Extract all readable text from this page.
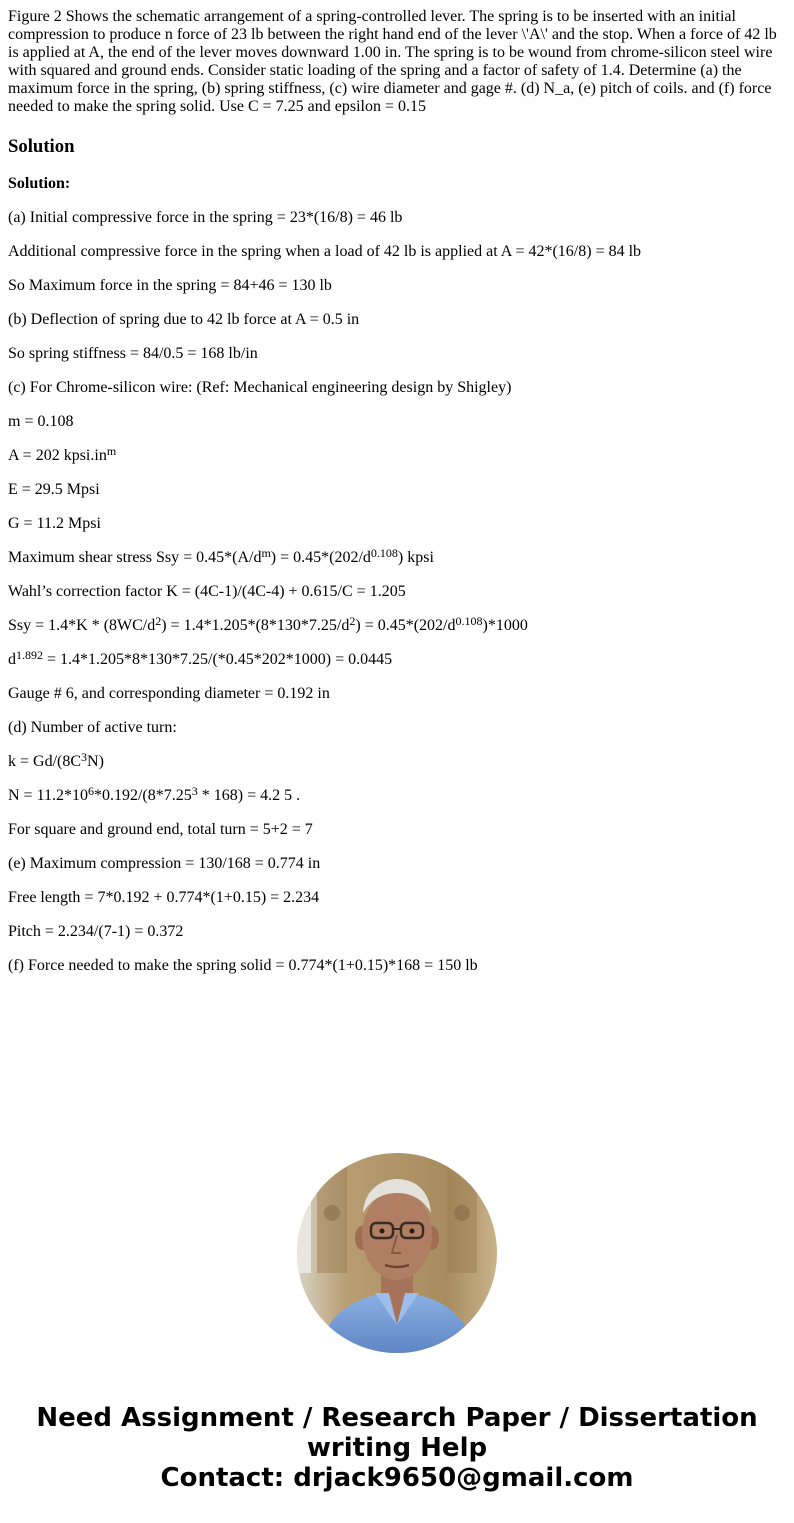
Figure 2 Shows the schematic arrangement of a spring-controlled lever. The spring is to be inserted with an initial compression to produce n force of 23 lb between the right hand end of the lever \'A\' and the stop. When a force of 42 lb is applied at A, the end of the lever moves downward 1.00 in. The spring is to be wound from chrome-silicon steel wire with squared and ground ends. Consider static loading of the spring and a factor of safety of 1.4. Determine (a) the maximum force in the spring, (b) spring stiffness, (c) wire diameter and gage #. (d) N_a, (e) pitch of coils. and (f) force needed to make the spring solid. Use C = 7.25 and epsilon = 0.15

Solution

Solution:

(a) Initial compressive force in the spring = 23*(16/8) = 46 lb

Additional compressive force in the spring when a load of 42 lb is applied at A = 42*(16/8) = 84 lb

So Maximum force in the spring = 84+46 = 130 lb

(b) Deflection of spring due to 42 lb force at A = 0.5 in

So spring stiffness = 84/0.5 = 168 lb/in

(c) For Chrome-silicon wire: (Ref: Mechanical engineering design by Shigley)

m = 0.108

A = 202 $kpsi.in^m$

E = 29.5 Mpsi

G = 11.2 Mpsi

Maximum shear stress Ssy = $0.45*(A/d^m) = 0.45*(202/d^{0.108})$ kpsi

Wahl’s correction factor K = (4C-1)/(4C-4) + 0.615/C = 1.205

Ssy = $1.4*K * (8WC/d^2) = 1.4*1.205*(8*130*7.25/d^2) = 0.45*(202/d^{0.108})*1000$

$d^{1.892} = 1.4*1.205*8*130*7.25/(*0.45*202*1000) = 0.0445$

Gauge # 6, and corresponding diameter = 0.192 in

(d) Number of active turn:

$k = Gd/(8C^3N)$

$N = 11.2*10^6*0.192/(8*7.25^3 * 168) = 4.2$ 5 .

For square and ground end, total turn = 5+2 = 7

(e) Maximum compression = 130/168 = 0.774 in

Free length = 7*0.192 + 0.774*(1+0.15) = 2.234

Pitch = 2.234/(7-1) = 0.372

(f) Force needed to make the spring solid = 0.774*(1+0.15)*168 = 150 lb

Need Assignment / Research Paper / Dissertation
writing Help
Contact: drjack9650@gmail.com
